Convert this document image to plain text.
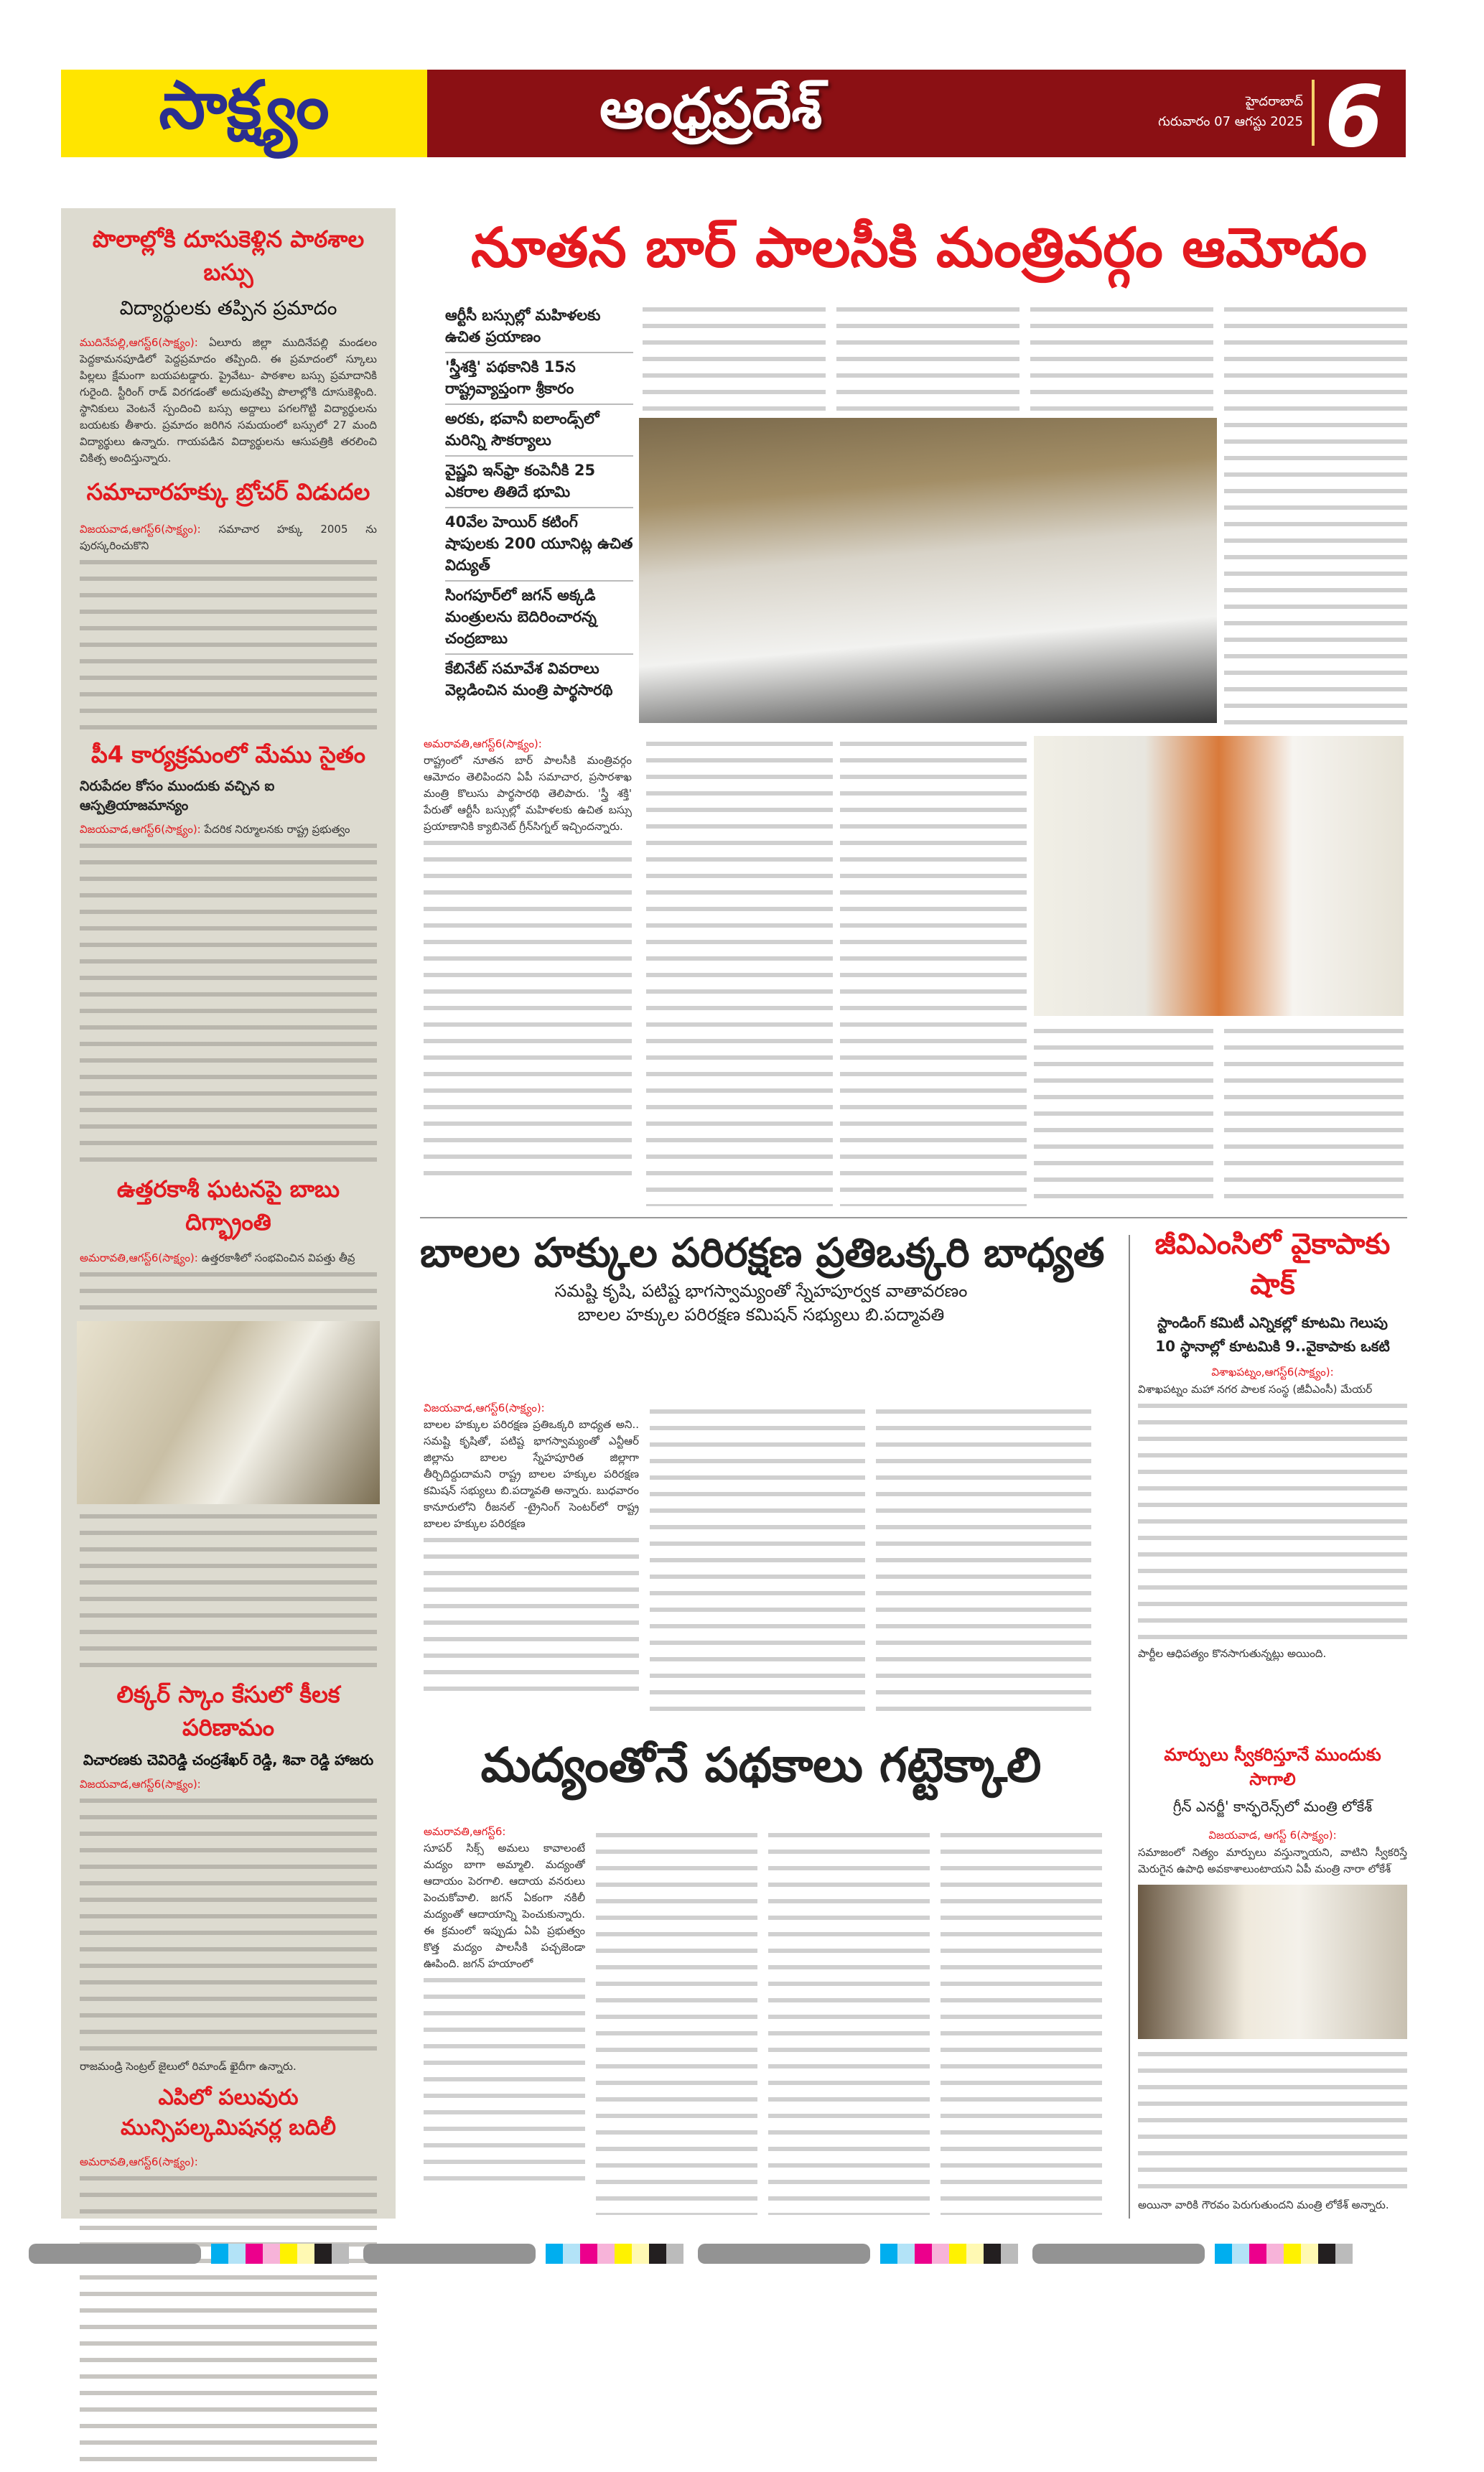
సాక్ష్యం	ఆంధ్రప్రదేశ్	హైదరాబాద్
గురువారం 07 ఆగస్టు 2025 6
పొలాల్లోకి దూసుకెళ్లిన పాఠశాల బస్సు
విద్యార్థులకు తప్పిన ప్రమాదం

ముదినేపల్లి,ఆగస్ట్6(సాక్ష్యం): ఏలూరు జిల్లా ముదినేపల్లి మండలం పెద్దకామనపూడిలో పెద్దప్రమాదం తప్పింది. ఈ ప్రమాదంలో స్కూలు పిల్లలు క్షేమంగా బయపటడ్డారు. ప్రైవేటు- పాఠశాల బస్సు ప్రమాదానికి గురైంది. స్టీరింగ్ రాడ్ విరగడంతో అదుపుతప్పి పొలాల్లోకి దూసుకెళ్లింది. స్థానికులు వెంటనే స్పందించి బస్సు అద్దాలు పగలగొట్టి విద్యార్థులను బయటకు తీశారు. ప్రమాదం జరిగిన సమయంలో బస్సులో 27 మంది విద్యార్థులు ఉన్నారు. గాయపడిన విద్యార్థులను ఆసుపత్రికి తరలించి చికిత్స అందిస్తున్నారు.

సమాచారహక్కు బ్రోచర్ విడుదల

విజయవాడ,ఆగస్ట్6(సాక్ష్యం): సమాచార హక్కు 2005 ను పురస్కరించుకొని

పీ4 కార్యక్రమంలో మేము సైతం
నిరుపేదల కోసం ముందుకు వచ్చిన ఐ ఆస్పత్రియాజమాన్యం

విజయవాడ,ఆగస్ట్6(సాక్ష్యం): పేదరిక నిర్మూలనకు రాష్ట్ర ప్రభుత్వం

ఉత్తరకాశీ ఘటనపై బాబు దిగ్భ్రాంతి

అమరావతి,ఆగస్ట్6(సాక్ష్యం): ఉత్తరకాశీలో సంభవించిన విపత్తు తీవ్ర

లిక్కర్ స్కాం కేసులో కీలక పరిణామం
విచారణకు చెవిరెడ్డి చంద్రశేఖర్ రెడ్డి, శివా రెడ్డి హాజరు

విజయవాడ,ఆగస్ట్6(సాక్ష్యం):

రాజమండ్రి సెంట్రల్ జైలులో రిమాండ్ ఖైదీగా ఉన్నారు.

ఎపిలో పలువురు మున్సిపల్కమిషనర్ల బదిలీ

అమరావతి,ఆగస్ట్6(సాక్ష్యం):

నూతన బార్ పాలసీకి మంత్రివర్గం ఆమోదం
ఆర్టీసీ బస్సుల్లో మహిళలకు ఉచిత ప్రయాణం
'స్త్రీశక్తి' పథకానికి 15న రాష్ట్రవ్యాప్తంగా శ్రీకారం
అరకు, భవానీ ఐలాండ్స్‌లో మరిన్ని సౌకర్యాలు
వైష్ణవి ఇన్‌ఫ్రా కంపెనీకి 25 ఎకరాల తితిదే భూమి
40వేల హెయిర్ కటింగ్ షాపులకు 200 యూనిట్ల ఉచిత విద్యుత్
సింగపూర్‌లో జగన్ అక్కడి మంత్రులను బెదిరించారన్న చంద్రబాబు
కేబినేట్ సమావేశ వివరాలు వెల్లడించిన మంత్రి పార్థసారథి

అమరావతి,ఆగస్ట్6(సాక్ష్యం):
రాష్ట్రంలో నూతన బార్ పాలసీకి మంత్రివర్గం ఆమోదం తెలిపిందని ఏపీ సమాచార, ప్రసారశాఖ మంత్రి కొలుసు పార్థసారథి తెలిపారు. 'స్త్రీ శక్తి' పేరుతో ఆర్టీసీ బస్సుల్లో మహిళలకు ఉచిత బస్సు ప్రయాణానికి క్యాబినెట్ గ్రీన్‌సిగ్నల్ ఇచ్చిందన్నారు.

బాలల హక్కుల పరిరక్షణ ప్రతిఒక్కరి బాధ్యత
సమష్టి కృషి, పటిష్ట భాగస్వామ్యంతో స్నేహపూర్వక వాతావరణం
బాలల హక్కుల పరిరక్షణ కమిషన్ సభ్యులు బి.పద్మావతి

విజయవాడ,ఆగస్ట్6(సాక్ష్యం):
బాలల హక్కుల పరిరక్షణ ప్రతిఒక్కరి బాధ్యత అని.. సమష్టి కృషితో, పటిష్ట భాగస్వామ్యంతో ఎన్టీఆర్ జిల్లాను బాలల స్నేహపూరిత జిల్లాగా తీర్చిదిద్దుదామని రాష్ట్ర బాలల హక్కుల పరిరక్షణ కమిషన్ సభ్యులు బి.పద్మావతి అన్నారు. బుధవారం కానూరులోని రీజనల్ -ట్రైనింగ్ సెంటర్‌లో రాష్ట్ర బాలల హక్కుల పరిరక్షణ

జీవిఎంసిలో వైకాపాకు షాక్
స్టాండింగ్ కమిటీ ఎన్నికల్లో కూటమి గెలుపు
10 స్థానాల్లో కూటమికి 9..వైకాపాకు ఒకటి
విశాఖపట్నం,ఆగస్ట్6(సాక్ష్యం):

విశాఖపట్నం మహా నగర పాలక సంస్థ (జీవీఎంసీ) మేయర్

పార్టీల ఆధిపత్యం కొనసాగుతున్నట్లు అయింది.

మార్పులు స్వీకరిస్తూనే ముందుకు సాగాలి
గ్రీన్ ఎనర్జీ' కాన్ఫరెన్స్‌లో మంత్రి లోకేశ్
విజయవాడ, ఆగస్ట్ 6(సాక్ష్యం):

సమాజంలో నిత్యం మార్పులు వస్తున్నాయని, వాటిని స్వీకరిస్తే మెరుగైన ఉపాధి అవకాశాలుంటాయని ఏపీ మంత్రి నారా లోకేశ్

అయినా వారికి గౌరవం పెరుగుతుందని మంత్రి లోకేశ్ అన్నారు.

మద్యంతోనే పథకాలు గట్టెక్కాలి

అమరావతి,ఆగస్ట్6:
సూపర్ సిక్స్ అమలు కావాలంటే మద్యం బాగా అమ్మాలి. మద్యంతో ఆదాయం పెరగాలి. ఆదాయ వనరులు పెంచుకోవాలి. జగన్ ఏకంగా నకిలీ మద్యంతో ఆదాయాన్ని పెంచుకున్నారు. ఈ క్రమంలో ఇప్పుడు ఏపి ప్రభుత్వం కొత్త మద్యం పాలసీకి పచ్చజెండా ఊపింది. జగన్ హయాంలో
